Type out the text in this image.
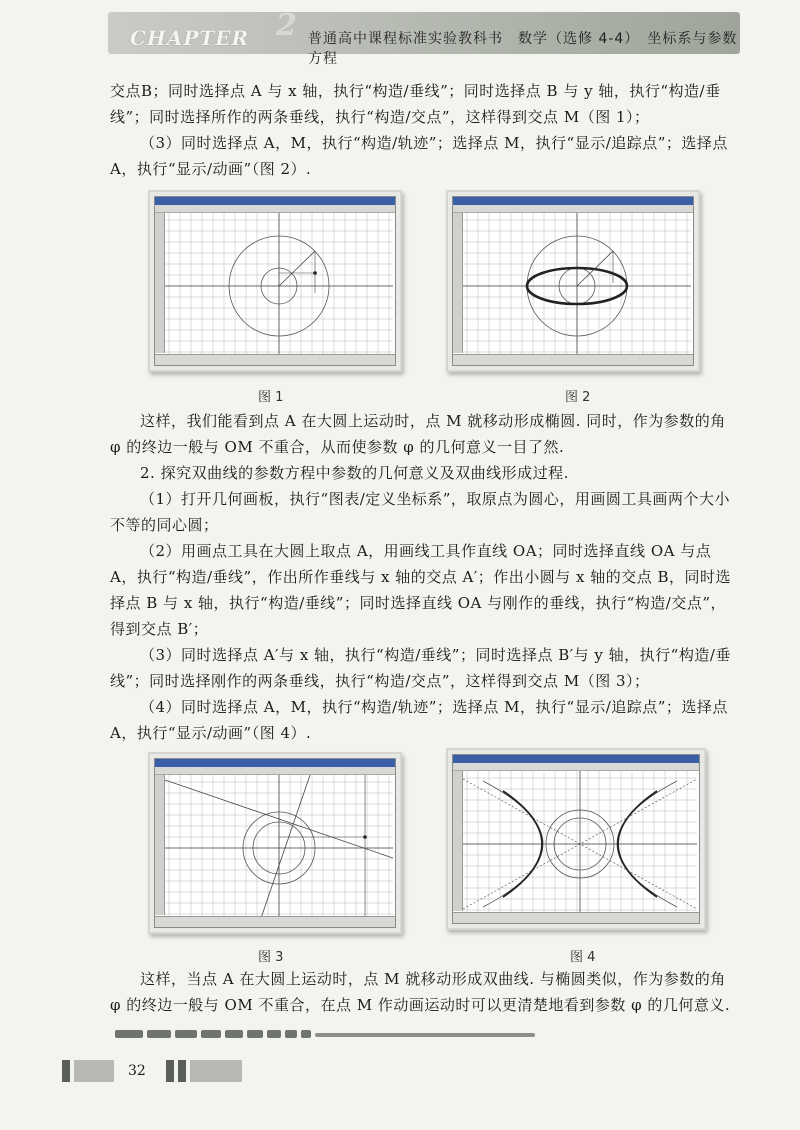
CHAPTER 2 普通高中课程标准实验教科书　数学（选修 4-4）　坐标系与参数方程
交点B；同时选择点 A 与 x 轴，执行“构造/垂线”；同时选择点 B 与 y 轴，执行“构造/垂线”；同时选择所作的两条垂线，执行“构造/交点”，这样得到交点 M（图 1）；
（3）同时选择点 A，M，执行“构造/轨迹”；选择点 M，执行“显示/追踪点”；选择点 A，执行“显示/动画”（图 2）.
图 1	图 2
这样，我们能看到点 A 在大圆上运动时，点 M 就移动形成椭圆. 同时，作为参数的角 φ 的终边一般与 OM 不重合，从而使参数 φ 的几何意义一目了然.
2. 探究双曲线的参数方程中参数的几何意义及双曲线形成过程.
（1）打开几何画板，执行“图表/定义坐标系”，取原点为圆心，用画圆工具画两个大小不等的同心圆；
（2）用画点工具在大圆上取点 A，用画线工具作直线 OA；同时选择直线 OA 与点 A，执行“构造/垂线”，作出所作垂线与 x 轴的交点 A′；作出小圆与 x 轴的交点 B，同时选择点 B 与 x 轴，执行“构造/垂线”；同时选择直线 OA 与刚作的垂线，执行“构造/交点”，得到交点 B′；
（3）同时选择点 A′与 x 轴，执行“构造/垂线”；同时选择点 B′与 y 轴，执行“构造/垂线”；同时选择刚作的两条垂线，执行“构造/交点”，这样得到交点 M（图 3）；
（4）同时选择点 A，M，执行“构造/轨迹”；选择点 M，执行“显示/追踪点”；选择点 A，执行“显示/动画”（图 4）.
图 3	图 4
这样，当点 A 在大圆上运动时，点 M 就移动形成双曲线. 与椭圆类似，作为参数的角 φ 的终边一般与 OM 不重合，在点 M 作动画运动时可以更清楚地看到参数 φ 的几何意义.
32
